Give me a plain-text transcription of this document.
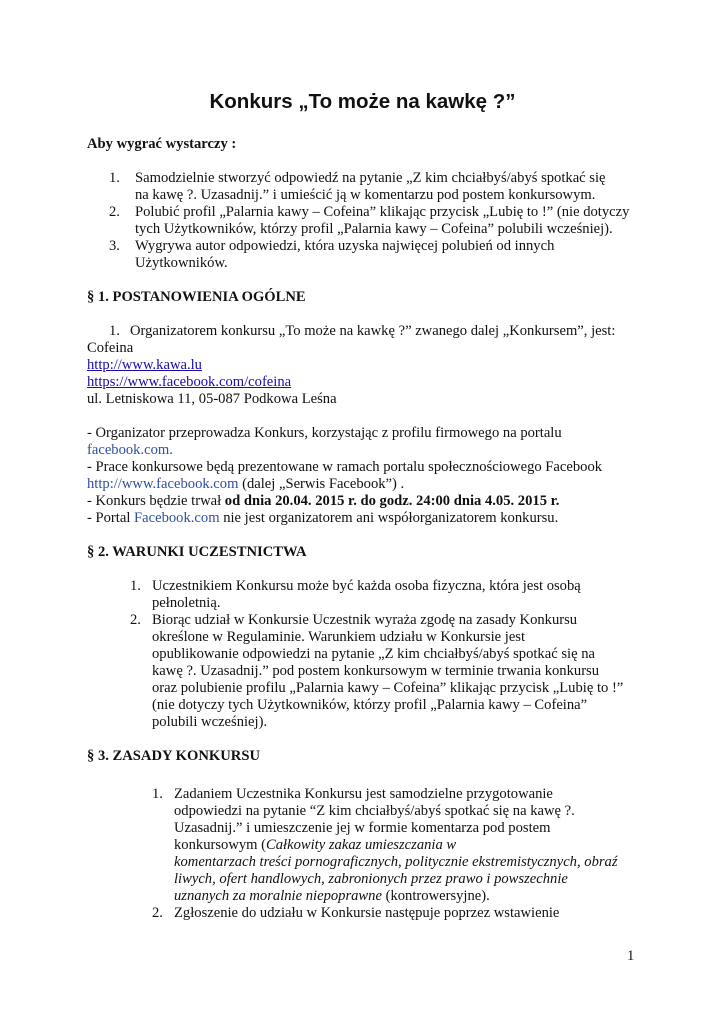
Konkurs „To może na kawkę ?”
Aby wygrać wystarczy :
1. Samodzielnie stworzyć odpowiedź na pytanie „Z kim chciałbyś/abyś spotkać się
na kawę ?. Uzasadnij.” i umieścić ją w komentarzu pod postem konkursowym.
2. Polubić profil „Palarnia kawy – Cofeina” klikając przycisk „Lubię to !” (nie dotyczy
tych Użytkowników, którzy profil „Palarnia kawy – Cofeina” polubili wcześniej).
3. Wygrywa autor odpowiedzi, która uzyska najwięcej polubień od innych
Użytkowników.
§ 1. POSTANOWIENIA OGÓLNE
1. Organizatorem konkursu „To może na kawkę ?” zwanego dalej „Konkursem”, jest:
Cofeina
http://www.kawa.lu
https://www.facebook.com/cofeina
ul. Letniskowa 11, 05-087 Podkowa Leśna
- Organizator przeprowadza Konkurs, korzystając z profilu firmowego na portalu
facebook.com.
- Prace konkursowe będą prezentowane w ramach portalu społecznościowego Facebook
http://www.facebook.com (dalej „Serwis Facebook”) .
- Konkurs będzie trwał od dnia 20.04. 2015 r. do godz. 24:00 dnia 4.05. 2015 r.
- Portal Facebook.com nie jest organizatorem ani współorganizatorem konkursu.
§ 2. WARUNKI UCZESTNICTWA
1. Uczestnikiem Konkursu może być każda osoba fizyczna, która jest osobą
pełnoletnią.
2. Biorąc udział w Konkursie Uczestnik wyraża zgodę na zasady Konkursu
określone w Regulaminie. Warunkiem udziału w Konkursie jest
opublikowanie odpowiedzi na pytanie „Z kim chciałbyś/abyś spotkać się na
kawę ?. Uzasadnij.” pod postem konkursowym w terminie trwania konkursu
oraz polubienie profilu „Palarnia kawy – Cofeina” klikając przycisk „Lubię to !”
(nie dotyczy tych Użytkowników, którzy profil „Palarnia kawy – Cofeina”
polubili wcześniej).
§ 3. ZASADY KONKURSU
1. Zadaniem Uczestnika Konkursu jest samodzielne przygotowanie
odpowiedzi na pytanie “Z kim chciałbyś/abyś spotkać się na kawę ?.
Uzasadnij.” i umieszczenie jej w formie komentarza pod postem
konkursowym (Całkowity zakaz umieszczania w
komentarzach treści pornograficznych, politycznie ekstremistycznych, obraź
liwych, ofert handlowych, zabronionych przez prawo i powszechnie
uznanych za moralnie niepoprawne (kontrowersyjne).
2. Zgłoszenie do udziału w Konkursie następuje poprzez wstawienie
1
